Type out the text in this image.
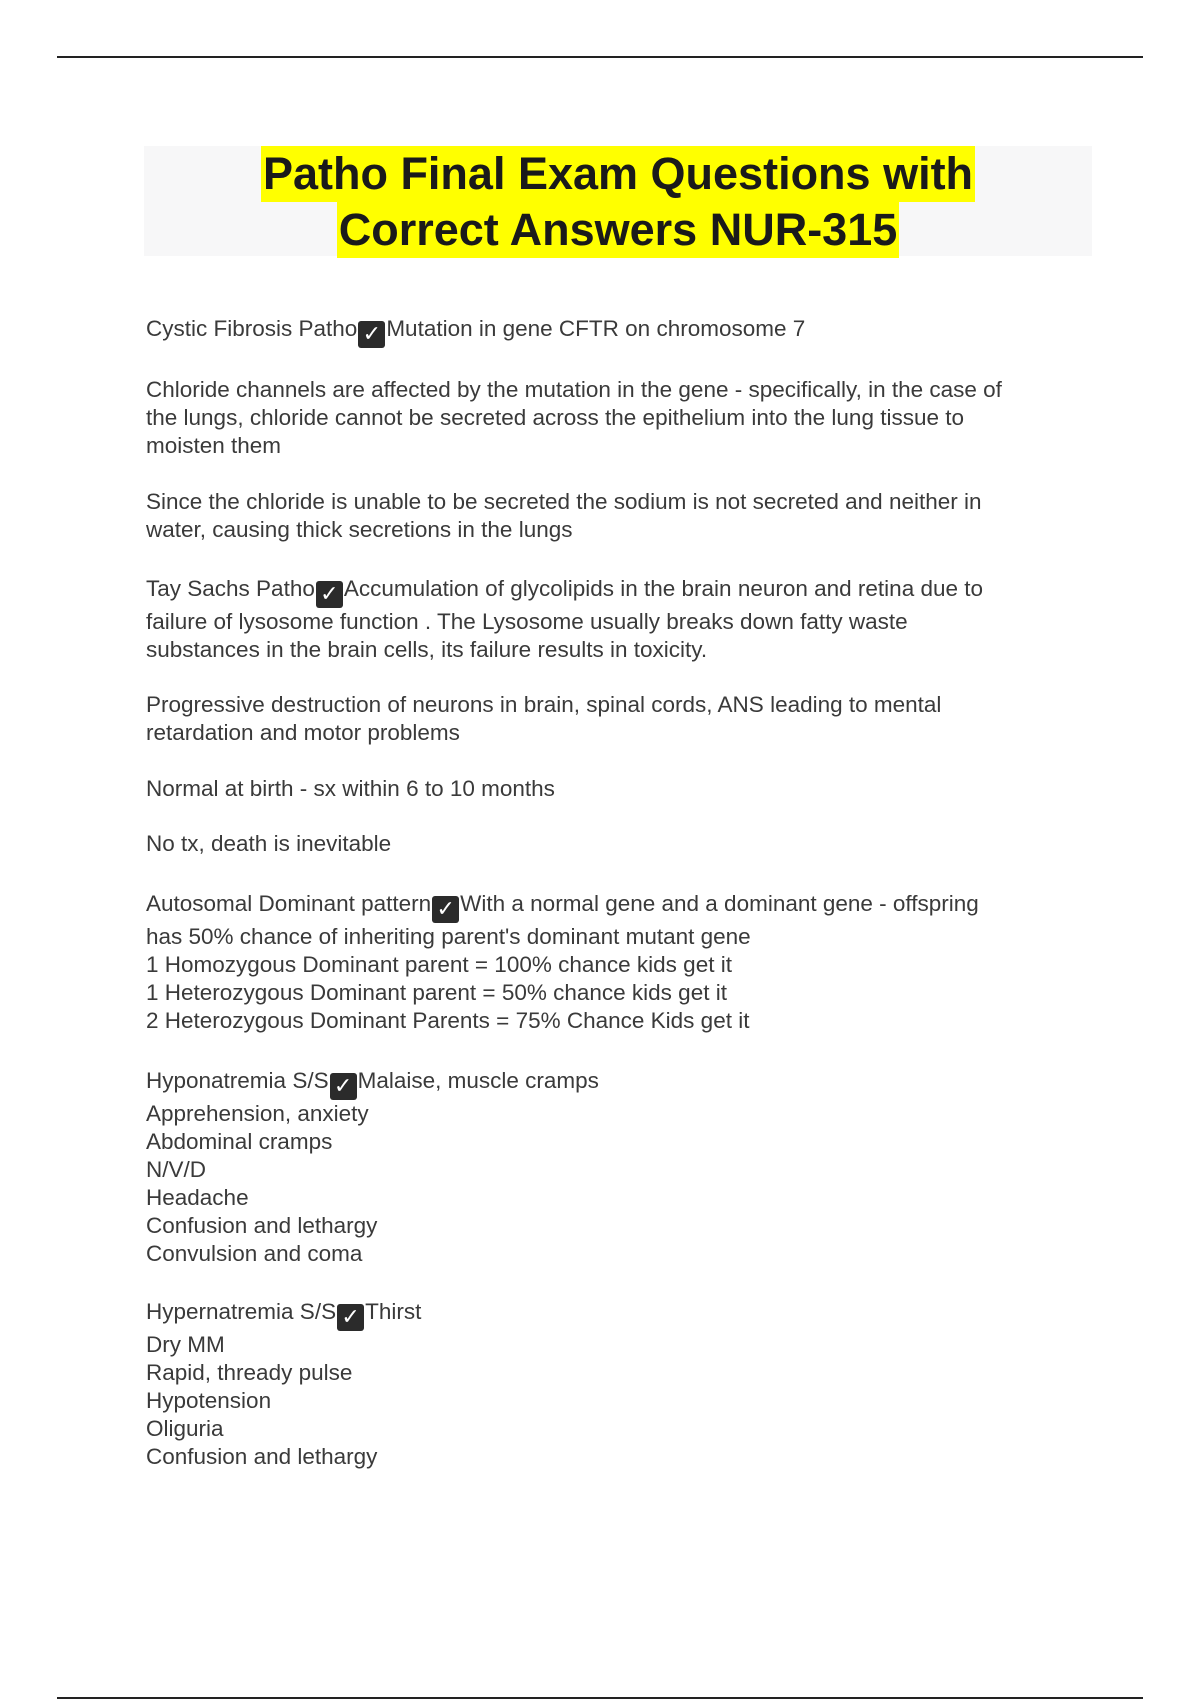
Patho Final Exam Questions with
Correct Answers NUR-315

Cystic Fibrosis Patho ✓ Mutation in gene CFTR on chromosome 7

Chloride channels are affected by the mutation in the gene - specifically, in the case of
the lungs, chloride cannot be secreted across the epithelium into the lung tissue to
moisten them

Since the chloride is unable to be secreted the sodium is not secreted and neither in
water, causing thick secretions in the lungs

Tay Sachs Patho ✓ Accumulation of glycolipids in the brain neuron and retina due to
failure of lysosome function . The Lysosome usually breaks down fatty waste
substances in the brain cells, its failure results in toxicity.

Progressive destruction of neurons in brain, spinal cords, ANS leading to mental
retardation and motor problems

Normal at birth - sx within 6 to 10 months

No tx, death is inevitable

Autosomal Dominant pattern ✓ With a normal gene and a dominant gene - offspring
has 50% chance of inheriting parent's dominant mutant gene
1 Homozygous Dominant parent = 100% chance kids get it
1 Heterozygous Dominant parent = 50% chance kids get it
2 Heterozygous Dominant Parents = 75% Chance Kids get it

Hyponatremia S/S ✓ Malaise, muscle cramps
Apprehension, anxiety
Abdominal cramps
N/V/D
Headache
Confusion and lethargy
Convulsion and coma

Hypernatremia S/S ✓ Thirst
Dry MM
Rapid, thready pulse
Hypotension
Oliguria
Confusion and lethargy
